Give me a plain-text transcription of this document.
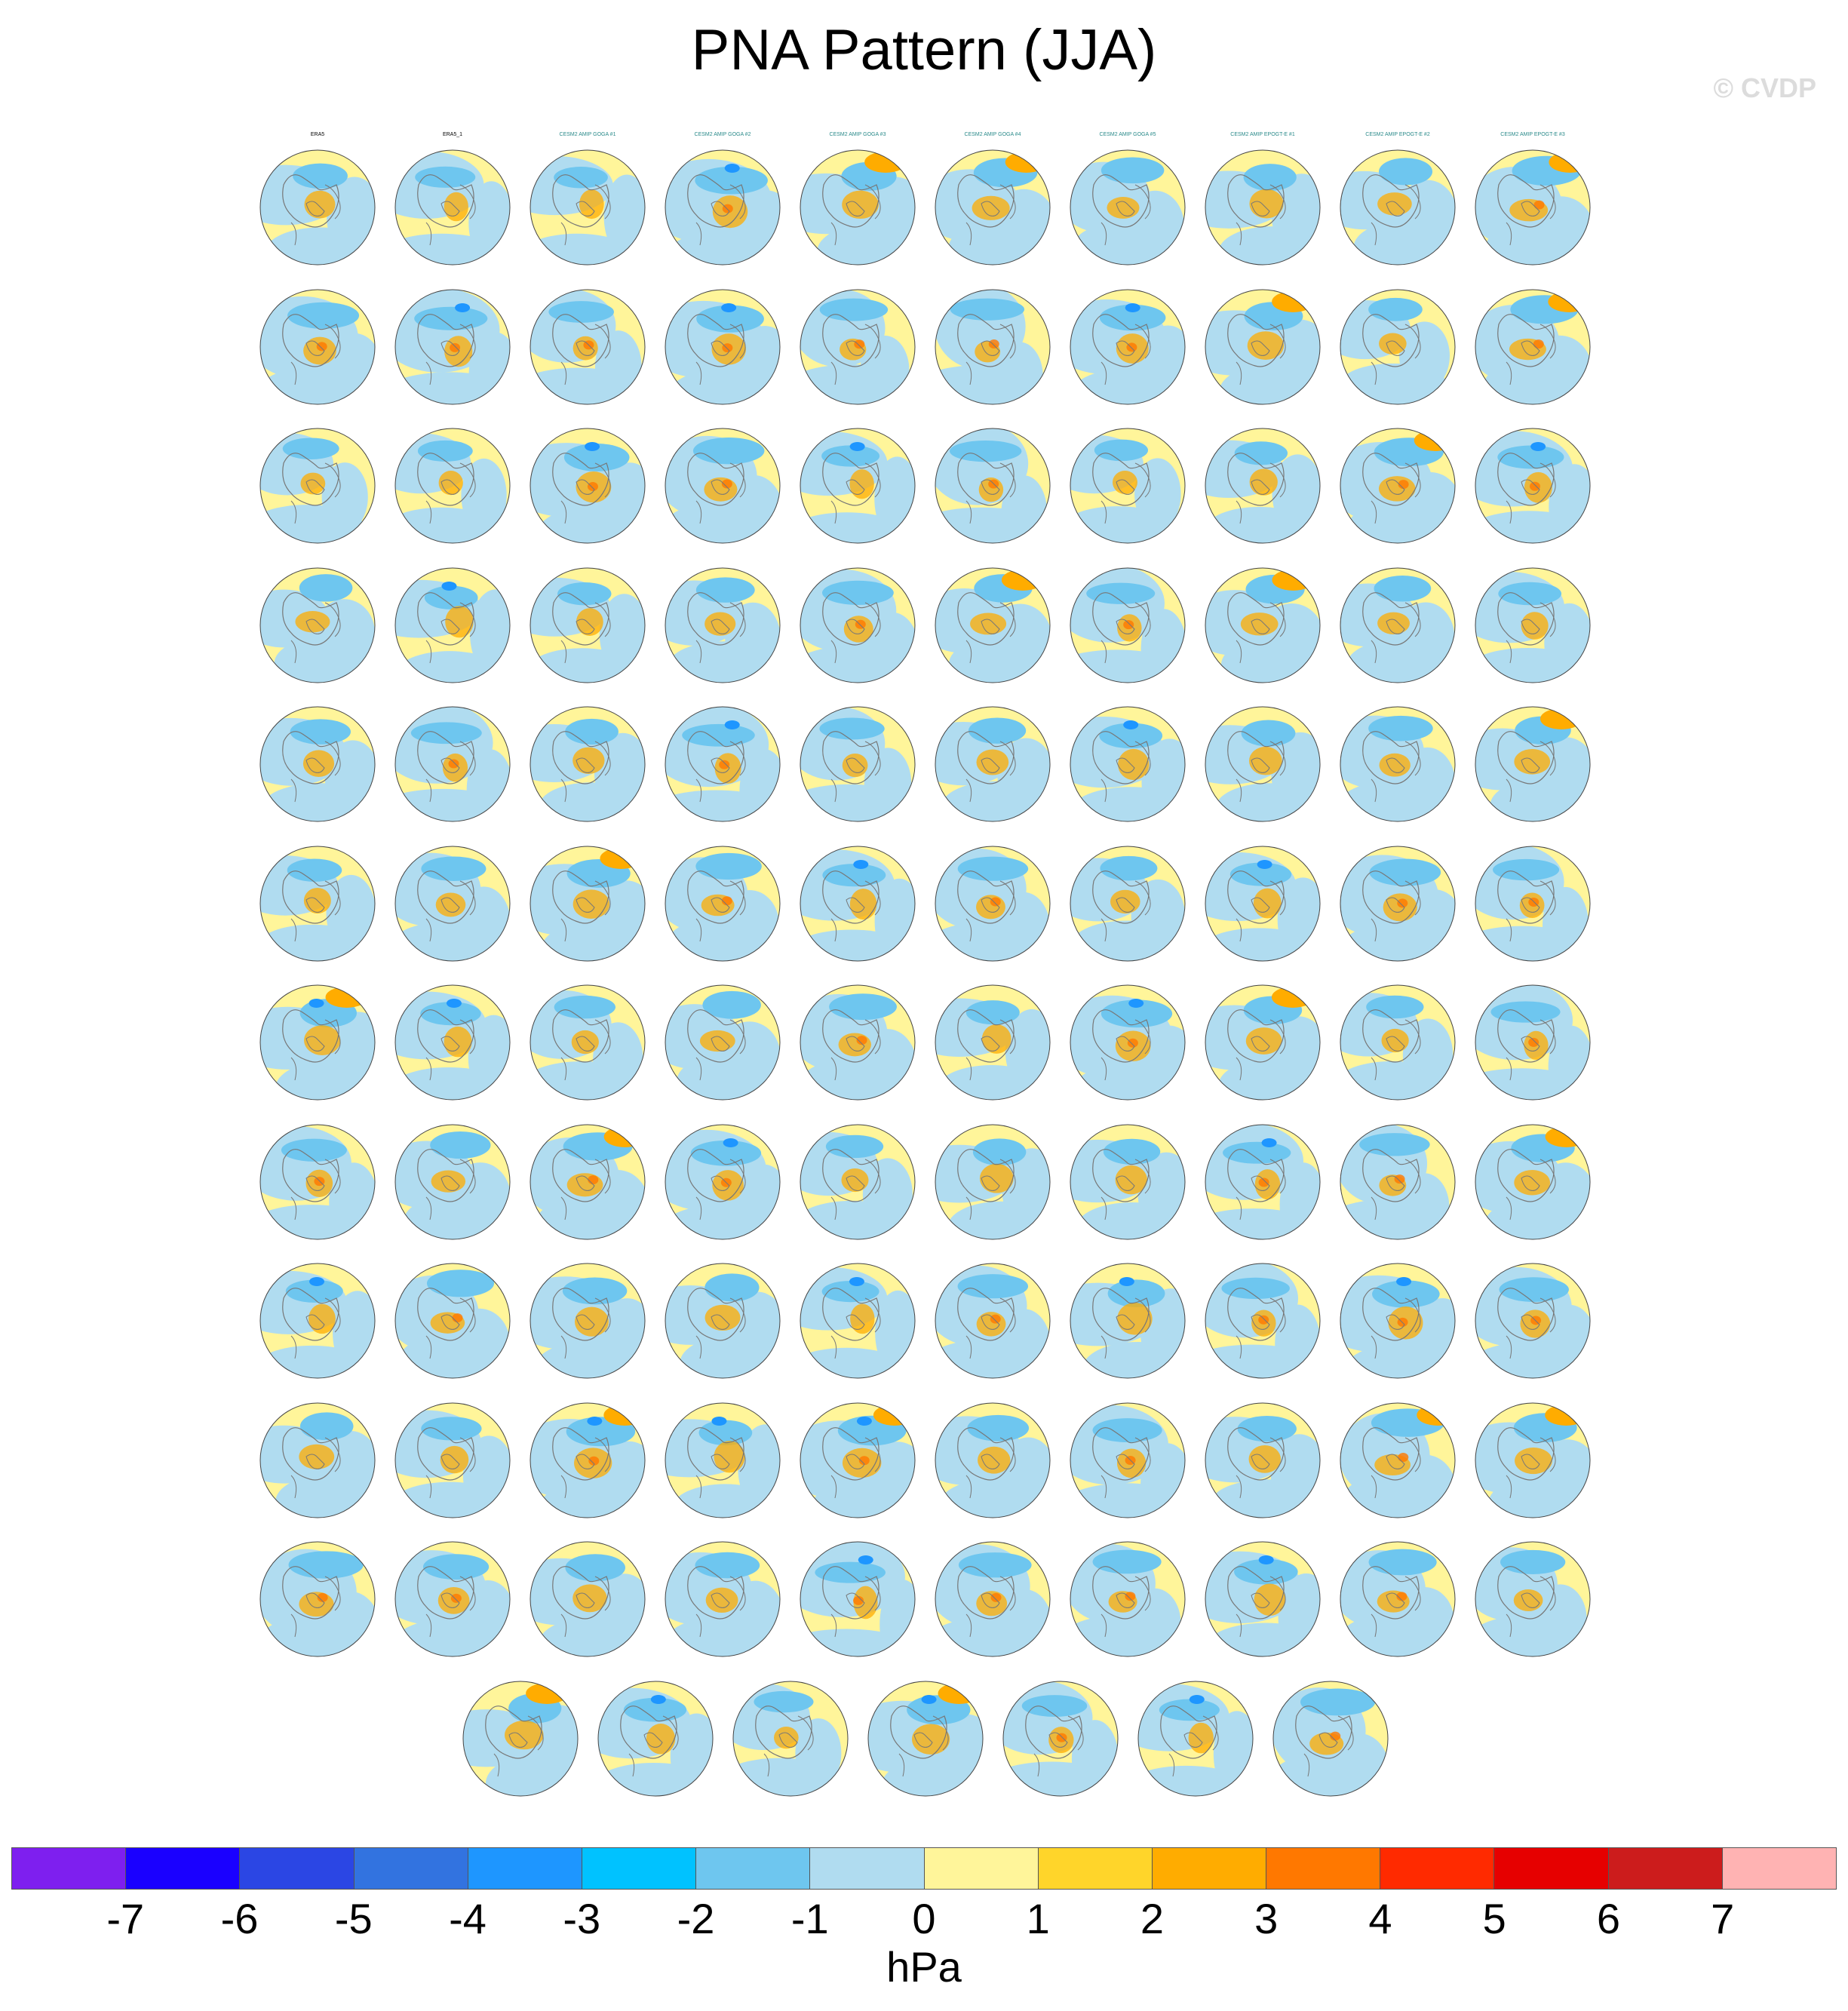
PNA Pattern (JJA)
© CVDP
ERA5	ERA5_1	CESM2 AMIP GOGA #1	CESM2 AMIP GOGA #2	CESM2 AMIP GOGA #3	CESM2 AMIP GOGA #4	CESM2 AMIP GOGA #5	CESM2 AMIP EPOGT-E #1	CESM2 AMIP EPOGT-E #2	CESM2 AMIP EPOGT-E #3
-7 -6 -5 -4 -3 -2 -1 0 1 2 3 4 5 6 7
hPa
